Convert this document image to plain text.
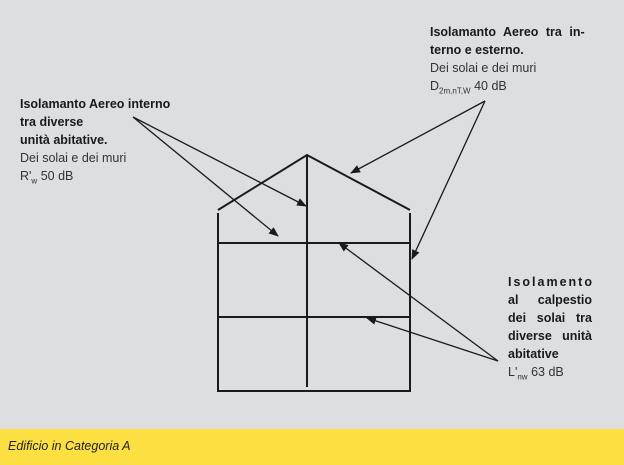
Isolamanto Aereo interno
tra diverse
unità abitative.
Dei solai e dei muri
$R'_w$ 50 dB
Isolamanto Aereo tra in-
terno e esterno.
Dei solai e dei muri
$D_{2m,nT,W}$ 40 dB
Isolamento
al calpestio
dei solai tra
diverse unità
abitative
$L'_{nw}$ 63 dB
Edificio in Categoria A
